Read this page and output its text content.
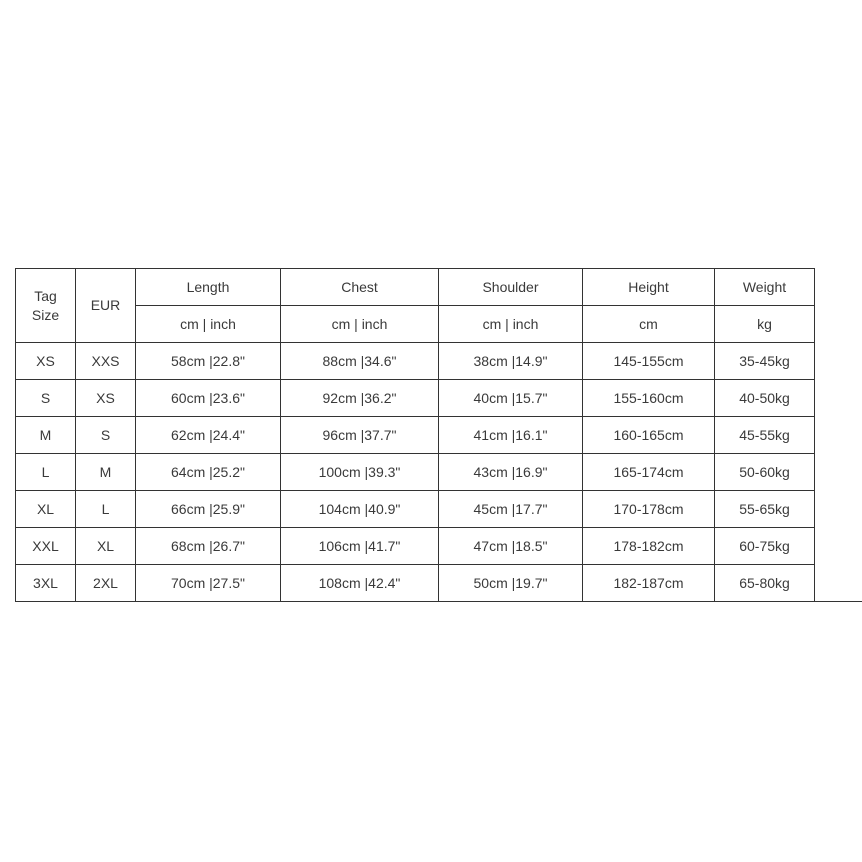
Tag
Size	EUR	Length	Chest	Shoulder	Height	Weight
		cm | inch	cm | inch	cm | inch	cm	kg
XS	XXS	58cm |22.8"	88cm |34.6"	38cm |14.9"	145-155cm	35-45kg
S	XS	60cm |23.6"	92cm |36.2"	40cm |15.7"	155-160cm	40-50kg
M	S	62cm |24.4"	96cm |37.7"	41cm |16.1"	160-165cm	45-55kg
L	M	64cm |25.2"	100cm |39.3"	43cm |16.9"	165-174cm	50-60kg
XL	L	66cm |25.9"	104cm |40.9"	45cm |17.7"	170-178cm	55-65kg
XXL	XL	68cm |26.7"	106cm |41.7"	47cm |18.5"	178-182cm	60-75kg
3XL	2XL	70cm |27.5"	108cm |42.4"	50cm |19.7"	182-187cm	65-80kg
